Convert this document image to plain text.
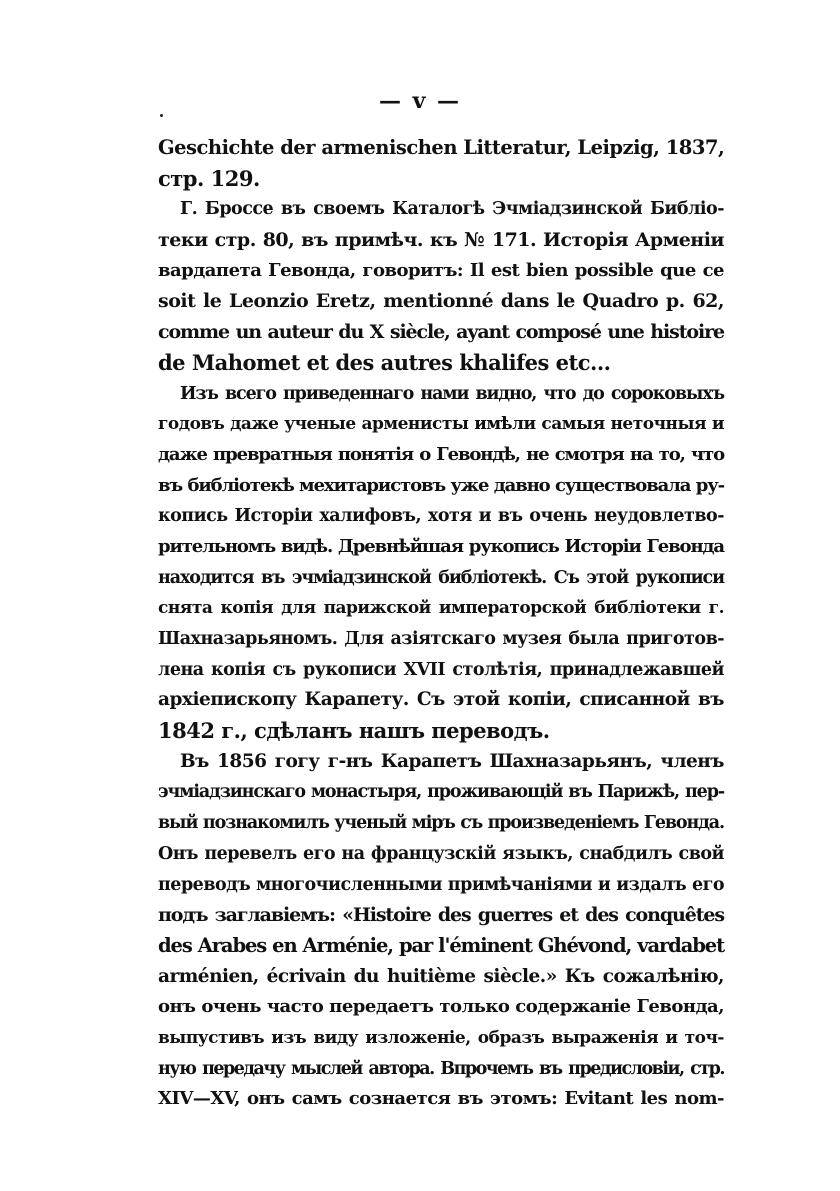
— v —
Geschichte der armenischen Litteratur, Leipzig, 1837,
стр. 129.
Г. Броссе въ своемъ Каталогѣ Эчміадзинской Библіо-
теки стр. 80, въ примѣч. къ № 171. Исторія Арменіи
вардапета Гевонда, говоритъ: Il est bien possible que ce
soit le Leonzio Eretz, mentionné dans le Quadro p. 62,
comme un auteur du X siècle, ayant composé une histoire
de Mahomet et des autres khalifes etc...
Изъ всего приведеннаго нами видно, что до сороковыхъ
годовъ даже ученые арменисты имѣли самыя неточныя и
даже превратныя понятія о Гевондѣ, не смотря на то, что
въ библіотекѣ мехитаристовъ уже давно существовала ру-
копись Исторіи халифовъ, хотя и въ очень неудовлетво-
рительномъ видѣ. Древнѣйшая рукопись Исторіи Гевонда
находится въ эчміадзинской библіотекѣ. Съ этой рукописи
снята копія для парижской императорской библіотеки г.
Шахназарьяномъ. Для азіятскаго музея была приготов-
лена копія съ рукописи XVII столѣтія, принадлежавшей
архіепископу Карапету. Съ этой копіи, списанной въ
1842 г., сдѣланъ нашъ переводъ.
Въ 1856 гогу г-нъ Карапетъ Шахназарьянъ, членъ
эчміадзинскаго монастыря, проживающій въ Парижѣ, пер-
вый познакомилъ ученый міръ съ произведеніемъ Гевонда.
Онъ перевелъ его на французскій языкъ, снабдилъ свой
переводъ многочисленными примѣчаніями и издалъ его
подъ заглавіемъ: «Histoire des guerres et des conquêtes
des Arabes en Arménie, par l'éminent Ghévond, vardabet
arménien, écrivain du huitième siècle.» Къ сожалѣнію,
онъ очень часто передаетъ только содержаніе Гевонда,
выпустивъ изъ виду изложеніе, образъ выраженія и точ-
ную передачу мыслей автора. Впрочемъ въ предисловіи, стр.
XIV—XV, онъ самъ сознается въ этомъ: Evitant les nom-
